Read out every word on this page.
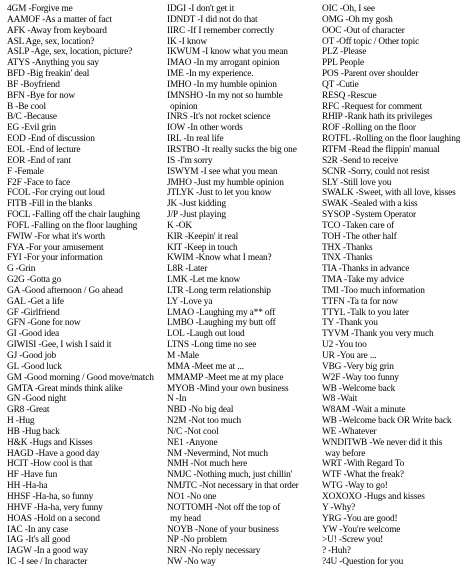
4GM -Forgive me
AAMOF -As a matter of fact
AFK -Away from keyboard
ASL Age, sex, location?
ASLP -Age, sex, location, picture?
ATYS -Anything you say
BFD -Big freakin' deal
BF -Boyfriend
BFN -Bye for now
B -Be cool
B/C -Because
EG -Evil grin
EOD -End of discussion
EOL -End of lecture
EOR -End of rant
F -Female
F2F -Face to face
FCOL -For crying out loud
FITB -Fill in the blanks
FOCL -Falling off the chair laughing
FOFL -Falling on the floor laughing
FWIW -For what it's worth
FYA -For your amusement
FYI -For your information
G -Grin
G2G -Gotta go
GA -Good afternoon / Go ahead
GAL -Get a life
GF -Girlfriend
GFN -Gone for now
GI -Good idea
GIWISI -Gee, I wish I said it
GJ -Good job
GL -Good luck
GM -Good morning / Good move/match
GMTA -Great minds think alike
GN -Good night
GR8 -Great
H -Hug
HB -Hug back
H&K -Hugs and Kisses
HAGD -Have a good day
HCIT -How cool is that
HF -Have fun
HH -Ha-ha
HHSF -Ha-ha, so funny
HHVF -Ha-ha, very funny
HOAS -Hold on a second
IAC -In any case
IAG -It's all good
IAGW -In a good way
IC -I see / In character
IDGI -I don't get it
IDNDT -I did not do that
IIRC -If I remember correctly
IK -I know
IKWUM -I know what you mean
IMAO -In my arrogant opinion
IME -In my experience.
IMHO -In my humble opinion
IMNSHO -In my not so humble
opinion
INRS -It's not rocket science
IOW -In other words
IRL -In real life
IRSTBO -It really sucks the big one
IS -I'm sorry
ISWYM -I see what you mean
JMHO -Just my humble opinion
JTLYK -Just to let you know
JK -Just kidding
J/P -Just playing
K -OK
KIR -Keepin' it real
KIT -Keep in touch
KWIM -Know what I mean?
L8R -Later
LMK -Let me know
LTR -Long term relationship
LY -Love ya
LMAO -Laughing my a** off
LMBO -Laughing my butt off
LOL -Laugh out loud
LTNS -Long time no see
M -Male
MMA -Meet me at ...
MMAMP -Meet me at my place
MYOB -Mind your own business
N -In
NBD -No big deal
N2M -Not too much
N/C -Not cool
NE1 -Anyone
NM -Nevermind, Not much
NMH -Not much here
NMJC -Nothing much, just chillin'
NMJTC -Not necessary in that order
NO1 -No one
NOTTOMH -Not off the top of
my head
NOYB -None of your business
NP -No problem
NRN -No reply necessary
NW -No way
OIC -Oh, I see
OMG -Oh my gosh
OOC -Out of character
OT -Off topic / Other topic
PLZ -Please
PPL People
POS -Parent over shoulder
QT -Cutie
RESQ -Rescue
RFC -Request for comment
RHIP -Rank hath its privileges
ROF -Rolling on the floor
ROTFL -Rolling on the floor laughing
RTFM -Read the flippin' manual
S2R -Send to receive
SCNR -Sorry, could not resist
SLY -Still love you
SWALK -Sweet, with all love, kisses
SWAK -Sealed with a kiss
SYSOP -System Operator
TCO -Taken care of
TOH -The other half
THX -Thanks
TNX -Thanks
TIA -Thanks in advance
TMA -Take my advice
TMI -Too much information
TTFN -Ta ta for now
TTYL -Talk to you later
TY -Thank you
TYVM -Thank you very much
U2 -You too
UR -You are ...
VBG -Very big grin
W2F -Way too funny
WB -Welcome back
W8 -Wait
W8AM -Wait a minute
WB -Welcome back OR Write back
WE -Whatever
WNDITWB -We never did it this
way before
WRT -With Regard To
WTF -What the freak?
WTG -Way to go!
XOXOXO -Hugs and kisses
Y -Why?
YRG -You are good!
YW -You're welcome
>U! -Screw you!
? -Huh?
?4U -Question for you
